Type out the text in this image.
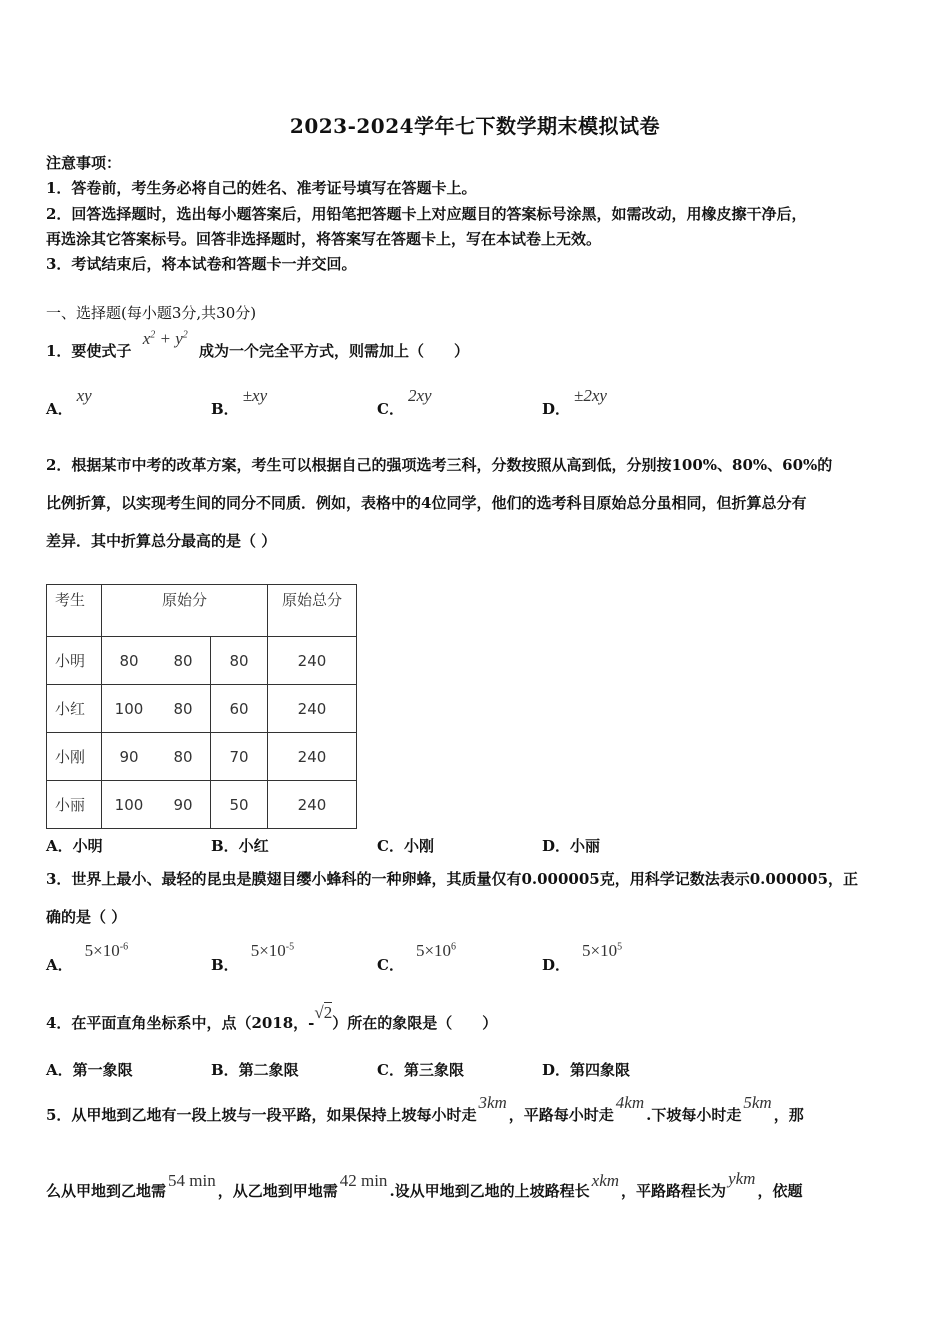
2023-2024学年七下数学期末模拟试卷
注意事项：
1．答卷前，考生务必将自己的姓名、准考证号填写在答题卡上。
2．回答选择题时，选出每小题答案后，用铅笔把答题卡上对应题目的答案标号涂黑，如需改动，用橡皮擦干净后，
再选涂其它答案标号。回答非选择题时，将答案写在答题卡上，写在本试卷上无效。
3．考试结束后，将本试卷和答题卡一并交回。
一、选择题(每小题3分,共30分)
1．要使式子 $x^2 + y^2$ 成为一个完全平方式，则需加上（　　）
A．xy
B．±xy
C．2xy
D．±2xy
2．根据某市中考的改革方案，考生可以根据自己的强项选考三科，分数按照从高到低，分别按100%、80%、60%的
比例折算，以实现考生间的同分不同质．例如，表格中的4位同学，他们的选考科目原始总分虽相同，但折算总分有
差异．其中折算总分最高的是（ ）
考生	原始分			原始总分
小明	80	80	80	240
小红	100	80	60	240
小刚	90	80	70	240
小丽	100	90	50	240
A．小明	B．小红	C．小刚	D．小丽
3．世界上最小、最轻的昆虫是膜翅目缨小蜂科的一种卵蜂，其质量仅有0.000005克，用科学记数法表示0.000005，正
确的是（ ）
A．$5\times 10^{-6}$
B．$5\times 10^{-5}$
C．$5\times 10^6$
D．$5\times 10^5$
4．在平面直角坐标系中，点（2018，-√2）所在的象限是（　　）
A．第一象限	B．第二象限	C．第三象限	D．第四象限
5．从甲地到乙地有一段上坡与一段平路，如果保持上坡每小时走3km，平路每小时走4km.下坡每小时走5km，那
么从甲地到乙地需54 min，从乙地到甲地需42 min.设从甲地到乙地的上坡路程长xkm，平路路程长为ykm，依题
